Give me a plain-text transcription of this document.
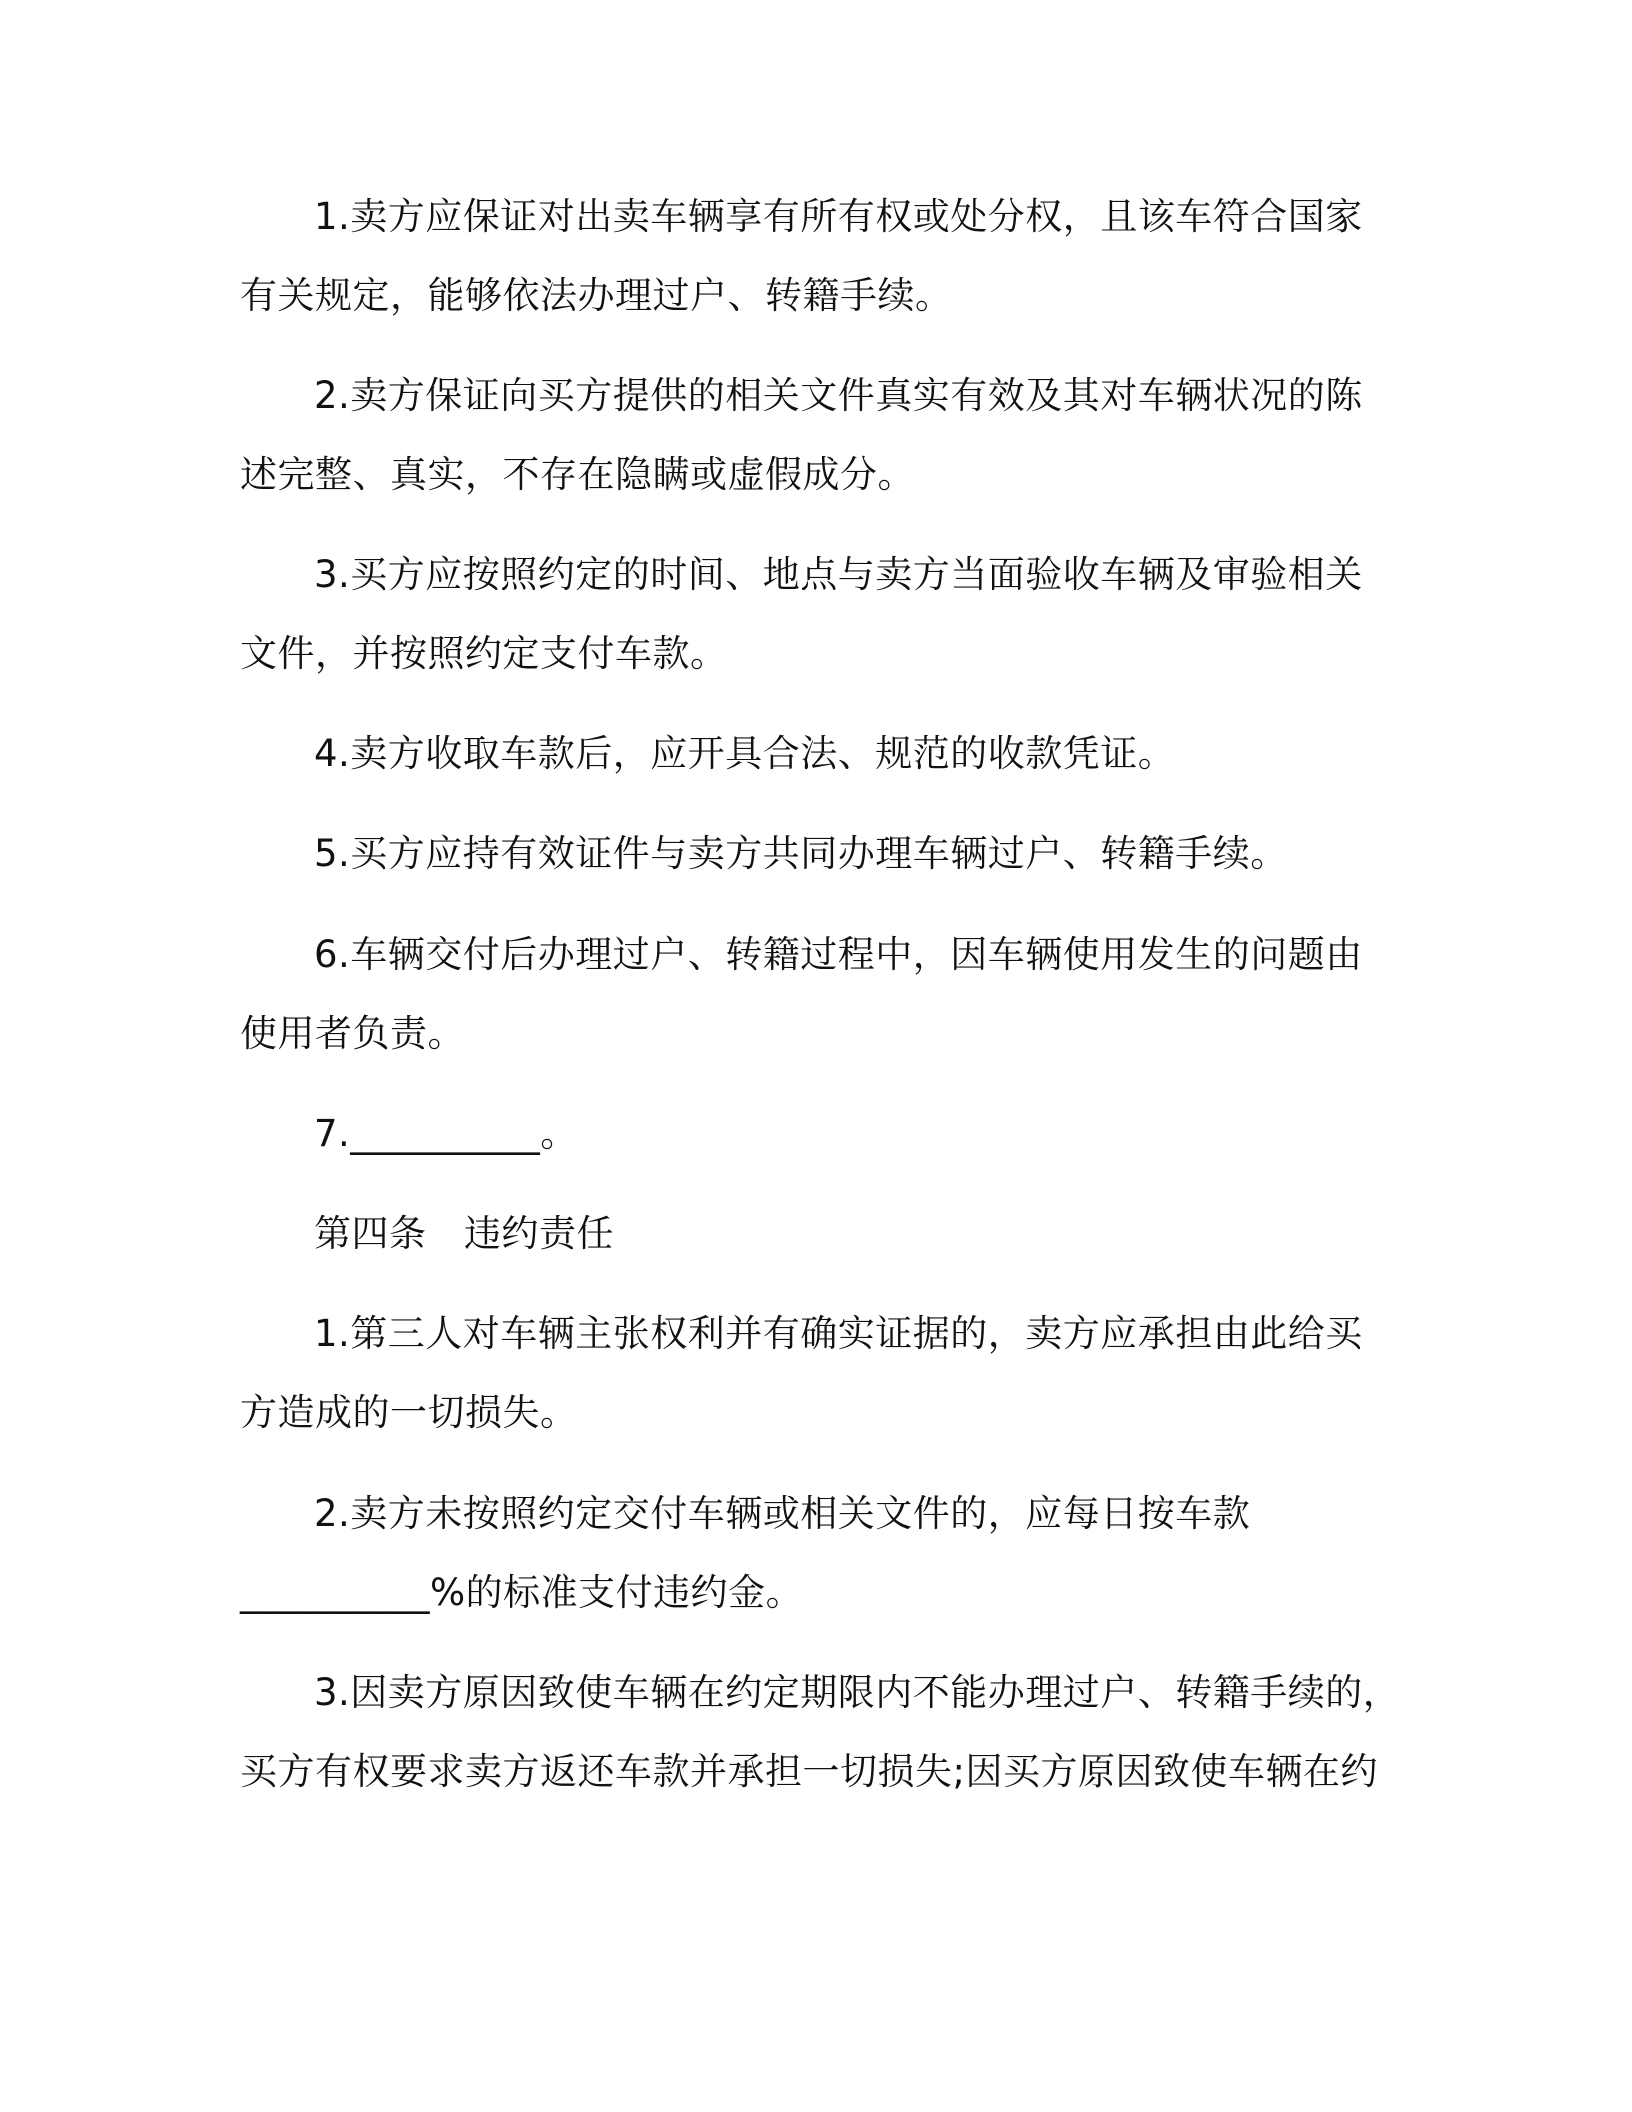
1.卖方应保证对出卖车辆享有所有权或处分权，且该车符合国家
有关规定，能够依法办理过户、转籍手续。
2.卖方保证向买方提供的相关文件真实有效及其对车辆状况的陈
述完整、真实，不存在隐瞒或虚假成分。
3.买方应按照约定的时间、地点与卖方当面验收车辆及审验相关
文件，并按照约定支付车款。
4.卖方收取车款后，应开具合法、规范的收款凭证。
5.买方应持有效证件与卖方共同办理车辆过户、转籍手续。
6.车辆交付后办理过户、转籍过程中，因车辆使用发生的问题由
使用者负责。
7.__________。
第四条　违约责任
1.第三人对车辆主张权利并有确实证据的，卖方应承担由此给买
方造成的一切损失。
2.卖方未按照约定交付车辆或相关文件的，应每日按车款
__________%的标准支付违约金。
3.因卖方原因致使车辆在约定期限内不能办理过户、转籍手续的，
买方有权要求卖方返还车款并承担一切损失;因买方原因致使车辆在约
